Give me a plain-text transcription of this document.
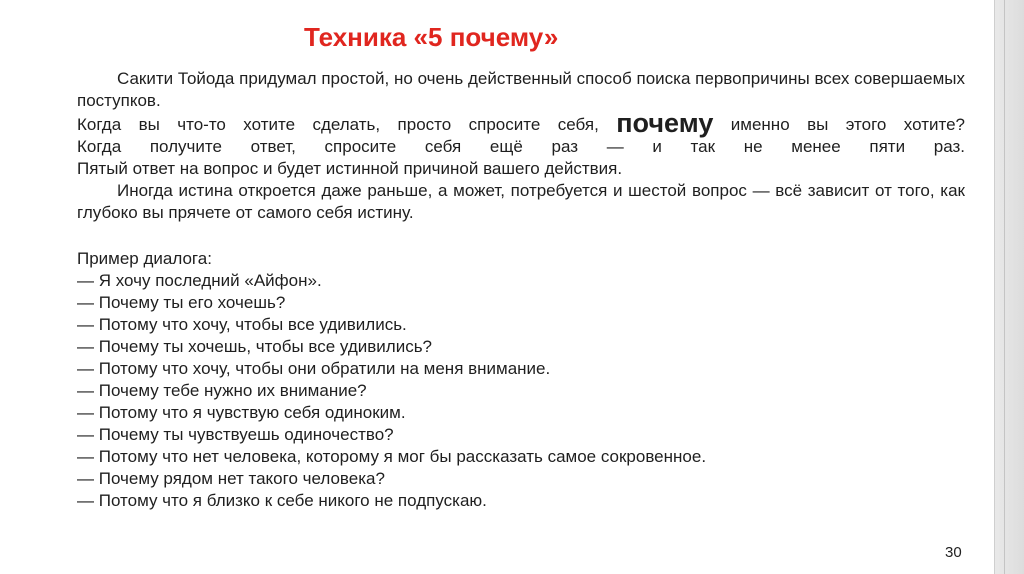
Техника «5 почему»

Сакити Тойода придумал простой, но очень действенный способ поиска первопричины всех совершаемых поступков.

Когда вы что-то хотите сделать, просто спросите себя, почему именно вы этого хотите?

Когда получите ответ, спросите себя ещё раз — и так не менее пяти раз.

Пятый ответ на вопрос и будет истинной причиной вашего действия.

Иногда истина откроется даже раньше, а может, потребуется и шестой вопрос — всё зависит от того, как глубоко вы прячете от самого себя истину.

Пример диалога:

— Я хочу последний «Айфон».

— Почему ты его хочешь?

— Потому что хочу, чтобы все удивились.

— Почему ты хочешь, чтобы все удивились?

— Потому что хочу, чтобы они обратили на меня внимание.

— Почему тебе нужно их внимание?

— Потому что я чувствую себя одиноким.

— Почему ты чувствуешь одиночество?

— Потому что нет человека, которому я мог бы рассказать самое сокровенное.

— Почему рядом нет такого человека?

— Потому что я близко к себе никого не подпускаю.

30
